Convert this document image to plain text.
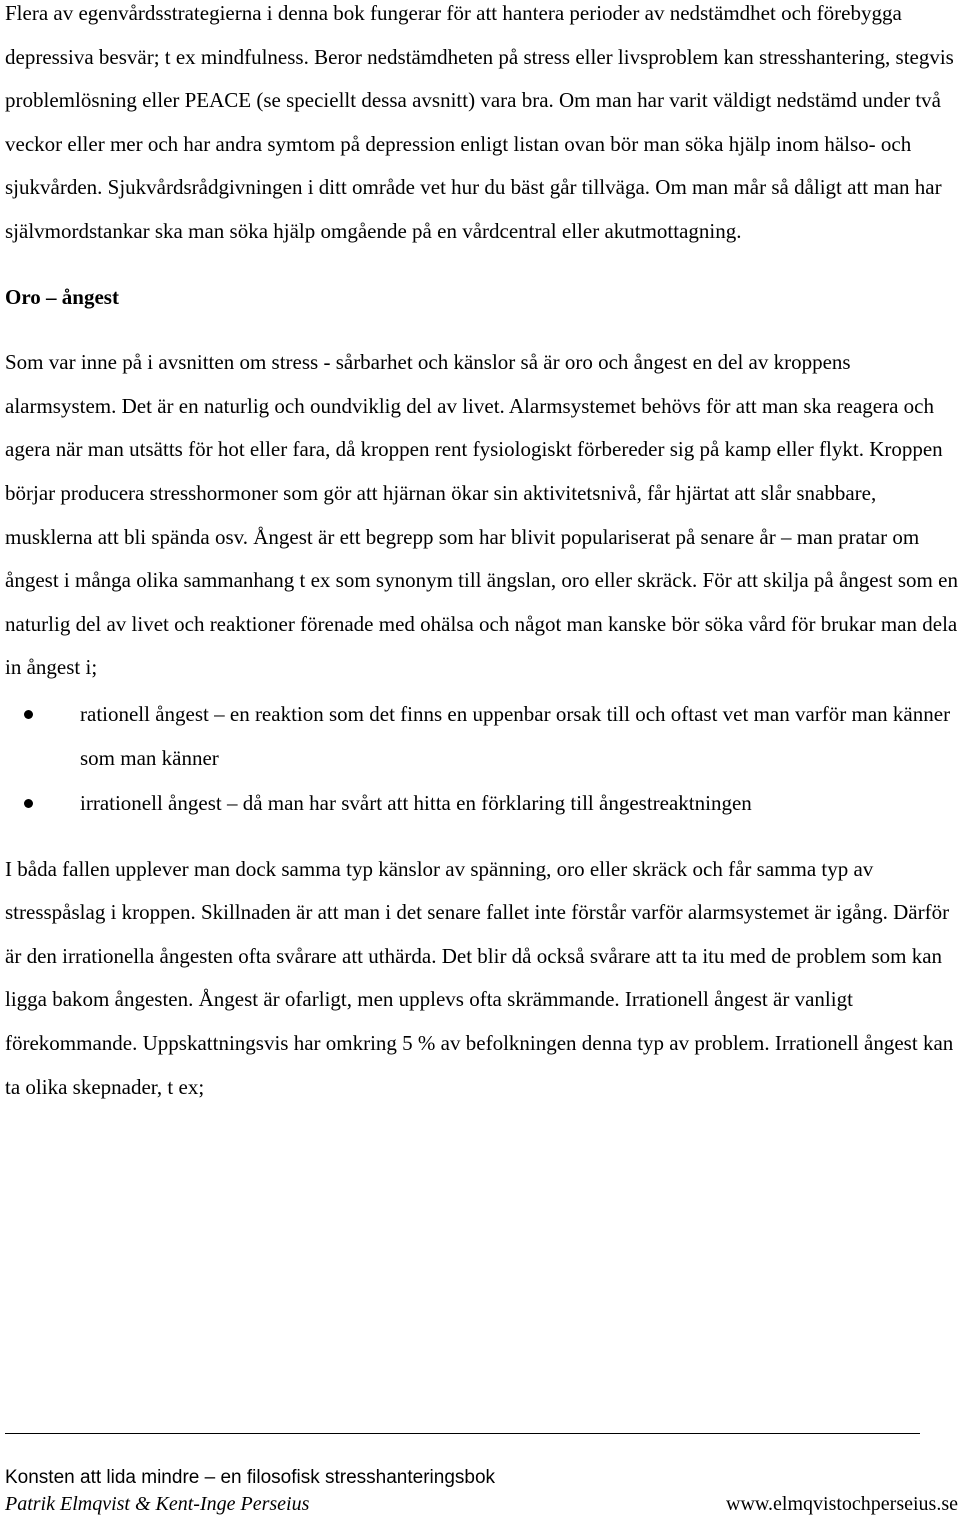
Flera av egenvårdsstrategierna i denna bok fungerar för att hantera perioder av nedstämdhet och förebygga depressiva besvär; t ex mindfulness. Beror nedstämdheten på stress eller livsproblem kan stresshantering, stegvis problemlösning eller PEACE (se speciellt dessa avsnitt) vara bra. Om man har varit väldigt nedstämd under två veckor eller mer och har andra symtom på depression enligt listan ovan bör man söka hjälp inom hälso- och sjukvården. Sjukvårdsrådgivningen i ditt område vet hur du bäst går tillväga. Om man mår så dåligt att man har självmordstankar ska man söka hjälp omgående på en vårdcentral eller akutmottagning.

Oro – ångest

Som var inne på i avsnitten om stress - sårbarhet och känslor så är oro och ångest en del av kroppens alarmsystem. Det är en naturlig och oundviklig del av livet. Alarmsystemet behövs för att man ska reagera och agera när man utsätts för hot eller fara, då kroppen rent fysiologiskt förbereder sig på kamp eller flykt. Kroppen börjar producera stresshormoner som gör att hjärnan ökar sin aktivitetsnivå, får hjärtat att slår snabbare, musklerna att bli spända osv. Ångest är ett begrepp som har blivit populariserat på senare år – man pratar om ångest i många olika sammanhang t ex som synonym till ängslan, oro eller skräck. För att skilja på ångest som en naturlig del av livet och reaktioner förenade med ohälsa och något man kanske bör söka vård för brukar man dela in ångest i;

rationell ångest – en reaktion som det finns en uppenbar orsak till och oftast vet man varför man känner som man känner
irrationell ångest – då man har svårt att hitta en förklaring till ångestreaktningen

I båda fallen upplever man dock samma typ känslor av spänning, oro eller skräck och får samma typ av stresspåslag i kroppen. Skillnaden är att man i det senare fallet inte förstår varför alarmsystemet är igång. Därför är den irrationella ångesten ofta svårare att uthärda. Det blir då också svårare att ta itu med de problem som kan ligga bakom ångesten. Ångest är ofarligt, men upplevs ofta skrämmande. Irrationell ångest är vanligt förekommande. Uppskattningsvis har omkring 5 % av befolkningen denna typ av problem. Irrationell ångest kan ta olika skepnader, t ex;

Konsten att lida mindre – en filosofisk stresshanteringsbok
Patrik Elmqvist & Kent-Inge Perseius	www.elmqvistochperseius.se
